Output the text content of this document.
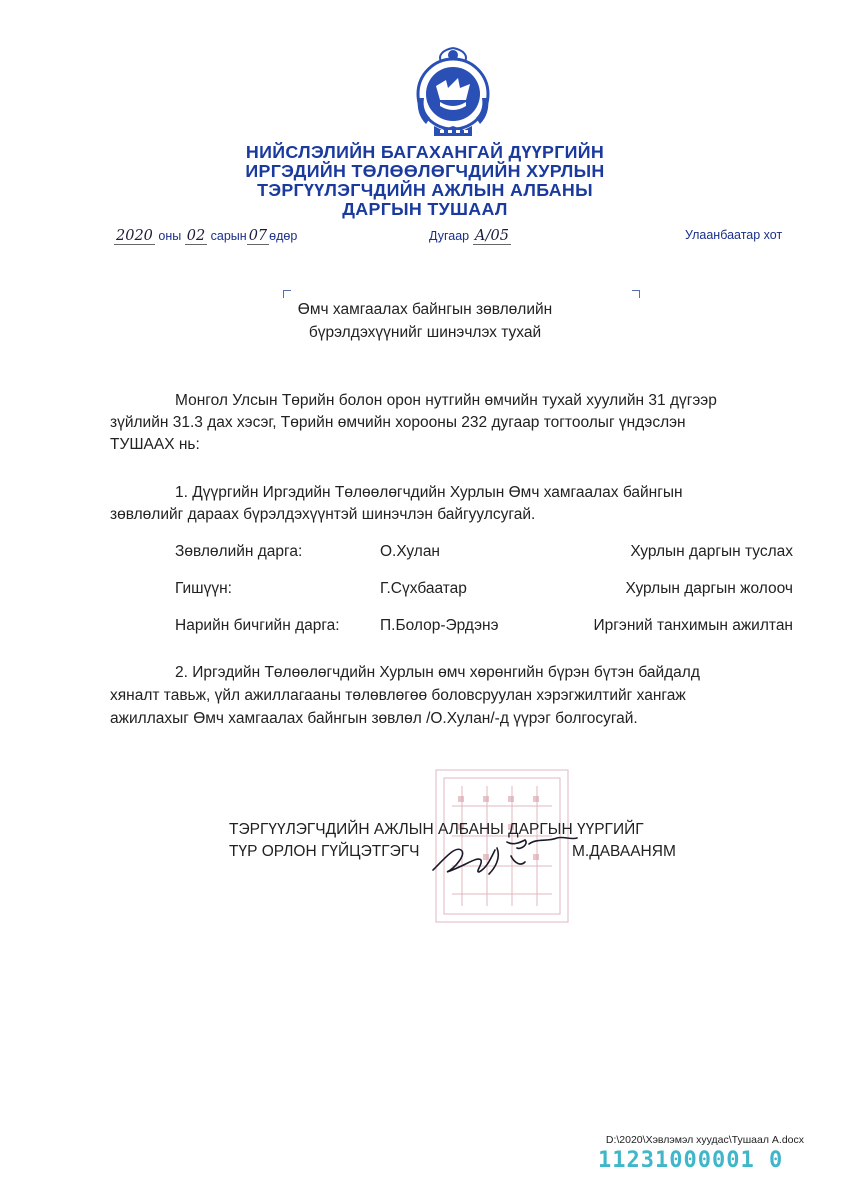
НИЙСЛЭЛИЙН БАГАХАНГАЙ ДҮҮРГИЙН
ИРГЭДИЙН ТӨЛӨӨЛӨГЧДИЙН ХУРЛЫН
ТЭРГҮҮЛЭГЧДИЙН АЖЛЫН АЛБАНЫ
ДАРГЫН ТУШААЛ
2020 оны 02 сарын 07 өдөр	Дугаар А/05	Улаанбаатар хот
Өмч хамгаалах байнгын зөвлөлийн
бүрэлдэхүүнийг шинэчлэх тухай
Монгол Улсын Төрийн болон орон нутгийн өмчийн тухай хуулийн 31 дүгээр
зүйлийн 31.3 дах хэсэг, Төрийн өмчийн хорооны 232 дугаар тогтоолыг үндэслэн
ТУШААХ нь:
1. Дүүргийн Иргэдийн Төлөөлөгчдийн Хурлын Өмч хамгаалах байнгын
зөвлөлийг дараах бүрэлдэхүүнтэй шинэчлэн байгуулсугай.
Зөвлөлийн дарга:	О.Хулан	Хурлын даргын туслах
Гишүүн:	Г.Сүхбаатар	Хурлын даргын жолооч
Нарийн бичгийн дарга:	П.Болор-Эрдэнэ	Иргэний танхимын ажилтан
2. Иргэдийн Төлөөлөгчдийн Хурлын өмч хөрөнгийн бүрэн бүтэн байдалд
хяналт тавьж, үйл ажиллагааны төлөвлөгөө боловсруулан хэрэгжилтийг хангаж
ажиллахыг Өмч хамгаалах байнгын зөвлөл /О.Хулан/-д үүрэг болгосугай.
ТЭРГҮҮЛЭГЧДИЙН АЖЛЫН АЛБАНЫ ДАРГЫН ҮҮРГИЙГ
ТҮР ОРЛОН ГҮЙЦЭТГЭГЧ	М.ДАВААНЯМ
D:\2020\Хэвлэмэл хуудас\Тушаал А.docx
11231000001 0
